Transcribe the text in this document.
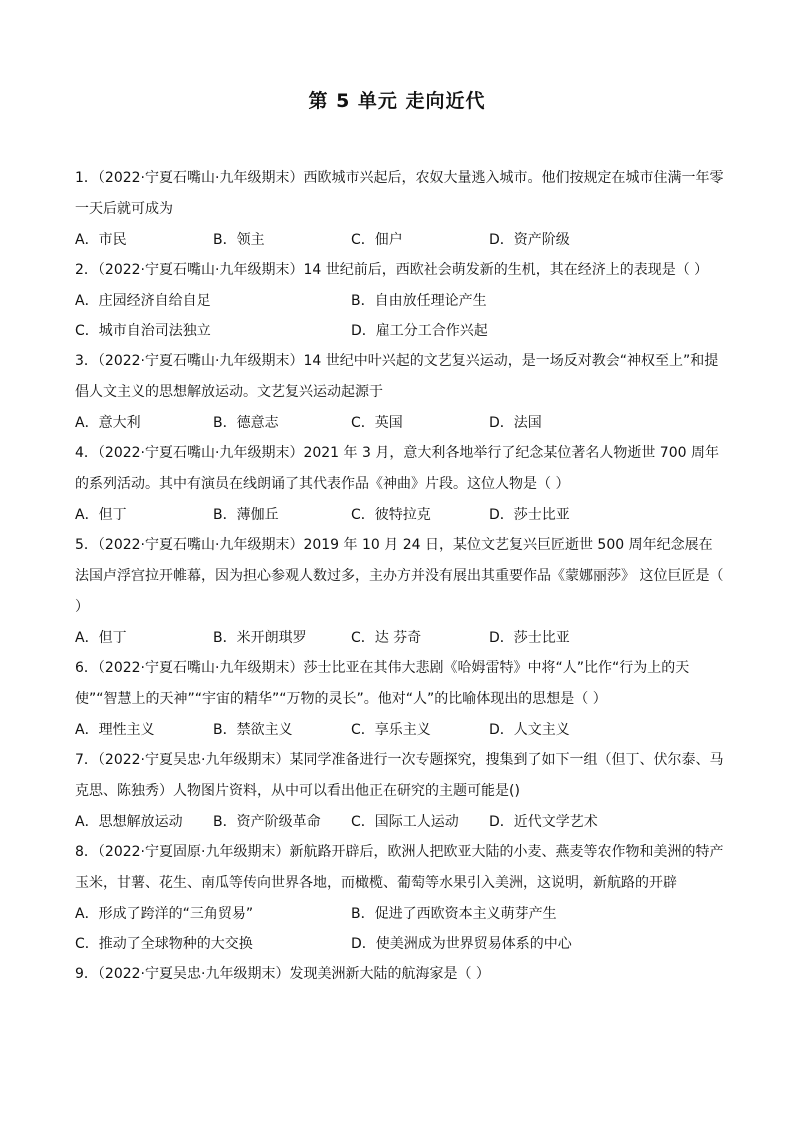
第 5 单元 走向近代
1．（2022·宁夏石嘴山·九年级期末）西欧城市兴起后，农奴大量逃入城市。他们按规定在城市住满一年零一天后就可成为
A．市民	B．领主	C．佃户	D．资产阶级
2．（2022·宁夏石嘴山·九年级期末）14 世纪前后，西欧社会萌发新的生机，其在经济上的表现是（ ）
A．庄园经济自给自足	B．自由放任理论产生
C．城市自治司法独立	D．雇工分工合作兴起
3．（2022·宁夏石嘴山·九年级期末）14 世纪中叶兴起的文艺复兴运动，是一场反对教会“神权至上”和提倡人文主义的思想解放运动。文艺复兴运动起源于
A．意大利	B．德意志	C．英国	D．法国
4．（2022·宁夏石嘴山·九年级期末）2021 年 3 月，意大利各地举行了纪念某位著名人物逝世 700 周年的系列活动。其中有演员在线朗诵了其代表作品《神曲》片段。这位人物是（ ）
A．但丁	B．薄伽丘	C．彼特拉克	D．莎士比亚
5．（2022·宁夏石嘴山·九年级期末）2019 年 10 月 24 日，某位文艺复兴巨匠逝世 500 周年纪念展在法国卢浮宫拉开帷幕，因为担心参观人数过多，主办方并没有展出其重要作品《蒙娜丽莎》 这位巨匠是（ ）
A．但丁	B．米开朗琪罗	C．达 芬奇	D．莎士比亚
6．（2022·宁夏石嘴山·九年级期末）莎士比亚在其伟大悲剧《哈姆雷特》中将“人”比作“行为上的天使”“智慧上的天神”“宇宙的精华”“万物的灵长”。他对“人”的比喻体现出的思想是（ ）
A．理性主义	B．禁欲主义	C．享乐主义	D．人文主义
7．（2022·宁夏吴忠·九年级期末）某同学准备进行一次专题探究，搜集到了如下一组（但丁、伏尔泰、马克思、陈独秀）人物图片资料，从中可以看出他正在研究的主题可能是()
A．思想解放运动	B．资产阶级革命	C．国际工人运动	D．近代文学艺术
8．（2022·宁夏固原·九年级期末）新航路开辟后，欧洲人把欧亚大陆的小麦、燕麦等农作物和美洲的特产玉米，甘薯、花生、南瓜等传向世界各地，而橄榄、葡萄等水果引入美洲，这说明，新航路的开辟
A．形成了跨洋的“三角贸易”	B．促进了西欧资本主义萌芽产生
C．推动了全球物种的大交换	D．使美洲成为世界贸易体系的中心
9．（2022·宁夏吴忠·九年级期末）发现美洲新大陆的航海家是（ ）
